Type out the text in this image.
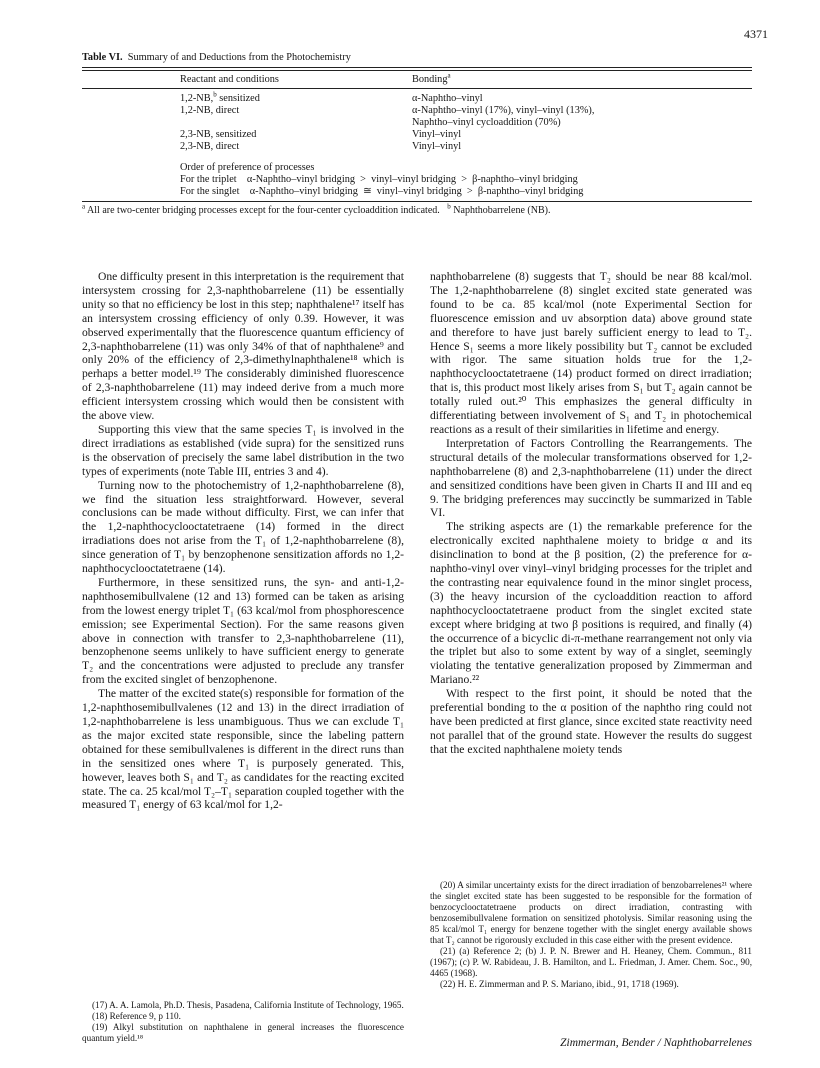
4371
Table VI. Summary of and Deductions from the Photochemistry
Reactant and conditions	Bonding$^a$
1,2-NB,$^b$ sensitized	α-Naphtho–vinyl
1,2-NB, direct	α-Naphtho–vinyl (17%), vinyl–vinyl (13%),
Naphtho–vinyl cycloaddition (70%)
2,3-NB, sensitized	Vinyl–vinyl
2,3-NB, direct	Vinyl–vinyl
Order of preference of processes
For the triplet    α-Naphtho–vinyl bridging  >  vinyl–vinyl bridging  >  β-naphtho–vinyl bridging
For the singlet    α-Naphtho–vinyl bridging  ≅  vinyl–vinyl bridging  >  β-naphtho–vinyl bridging
$^a$ All are two-center bridging processes except for the four-center cycloaddition indicated. $^b$ Naphthobarrelene (NB).

One difficulty present in this interpretation is the requirement that intersystem crossing for 2,3-naphthobarrelene (11) be essentially unity so that no efficiency be lost in this step; naphthalene¹⁷ itself has an intersystem crossing efficiency of only 0.39. However, it was observed experimentally that the fluorescence quantum efficiency of 2,3-naphthobarrelene (11) was only 34% of that of naphthalene⁹ and only 20% of the efficiency of 2,3-dimethylnaphthalene¹⁸ which is perhaps a better model.¹⁹ The considerably diminished fluorescence of 2,3-naphthobarrelene (11) may indeed derive from a much more efficient intersystem crossing which would then be consistent with the above view.

Supporting this view that the same species T₁ is involved in the direct irradiations as established (vide supra) for the sensitized runs is the observation of precisely the same label distribution in the two types of experiments (note Table III, entries 3 and 4).

Turning now to the photochemistry of 1,2-naphthobarrelene (8), we find the situation less straightforward. However, several conclusions can be made without difficulty. First, we can infer that the 1,2-naphthocyclooctatetraene (14) formed in the direct irradiations does not arise from the T₁ of 1,2-naphthobarrelene (8), since generation of T₁ by benzophenone sensitization affords no 1,2-naphthocyclooctatetraene (14).

Furthermore, in these sensitized runs, the syn- and anti-1,2-naphthosemibullvalene (12 and 13) formed can be taken as arising from the lowest energy triplet T₁ (63 kcal/mol from phosphorescence emission; see Experimental Section). For the same reasons given above in connection with transfer to 2,3-naphthobarrelene (11), benzophenone seems unlikely to have sufficient energy to generate T₂ and the concentrations were adjusted to preclude any transfer from the excited singlet of benzophenone.

The matter of the excited state(s) responsible for formation of the 1,2-naphthosemibullvalenes (12 and 13) in the direct irradiation of 1,2-naphthobarrelene is less unambiguous. Thus we can exclude T₁ as the major excited state responsible, since the labeling pattern obtained for these semibullvalenes is different in the direct runs than in the sensitized ones where T₁ is purposely generated. This, however, leaves both S₁ and T₂ as candidates for the reacting excited state. The ca. 25 kcal/mol T₂–T₁ separation coupled together with the measured T₁ energy of 63 kcal/mol for 1,2-

naphthobarrelene (8) suggests that T₂ should be near 88 kcal/mol. The 1,2-naphthobarrelene (8) singlet excited state generated was found to be ca. 85 kcal/mol (note Experimental Section for fluorescence emission and uv absorption data) above ground state and therefore to have just barely sufficient energy to lead to T₂. Hence S₁ seems a more likely possibility but T₂ cannot be excluded with rigor. The same situation holds true for the 1,2-naphthocyclooctatetraene (14) product formed on direct irradiation; that is, this product most likely arises from S₁ but T₂ again cannot be totally ruled out.²⁰ This emphasizes the general difficulty in differentiating between involvement of S₁ and T₂ in photochemical reactions as a result of their similarities in lifetime and energy.

Interpretation of Factors Controlling the Rearrangements. The structural details of the molecular transformations observed for 1,2-naphthobarrelene (8) and 2,3-naphthobarrelene (11) under the direct and sensitized conditions have been given in Charts II and III and eq 9. The bridging preferences may succinctly be summarized in Table VI.

The striking aspects are (1) the remarkable preference for the electronically excited naphthalene moiety to bridge α and its disinclination to bond at the β position, (2) the preference for α-naphtho-vinyl over vinyl–vinyl bridging processes for the triplet and the contrasting near equivalence found in the minor singlet process, (3) the heavy incursion of the cycloaddition reaction to afford naphthocyclooctatetraene product from the singlet excited state except where bridging at two β positions is required, and finally (4) the occurrence of a bicyclic di-π-methane rearrangement not only via the triplet but also to some extent by way of a singlet, seemingly violating the tentative generalization proposed by Zimmerman and Mariano.²²

With respect to the first point, it should be noted that the preferential bonding to the α position of the naphtho ring could not have been predicted at first glance, since excited state reactivity need not parallel that of the ground state. However the results do suggest that the excited naphthalene moiety tends

(17) A. A. Lamola, Ph.D. Thesis, Pasadena, California Institute of Technology, 1965.

(18) Reference 9, p 110.

(19) Alkyl substitution on naphthalene in general increases the fluorescence quantum yield.¹⁸

(20) A similar uncertainty exists for the direct irradiation of benzobarrelenes²¹ where the singlet excited state has been suggested to be responsible for the formation of benzocyclooctatetraene products on direct irradiation, contrasting with benzosemibullvalene formation on sensitized photolysis. Similar reasoning using the 85 kcal/mol T₁ energy for benzene together with the singlet energy available shows that T₂ cannot be rigorously excluded in this case either with the present evidence.

(21) (a) Reference 2; (b) J. P. N. Brewer and H. Heaney, Chem. Commun., 811 (1967); (c) P. W. Rabideau, J. B. Hamilton, and L. Friedman, J. Amer. Chem. Soc., 90, 4465 (1968).

(22) H. E. Zimmerman and P. S. Mariano, ibid., 91, 1718 (1969).

Zimmerman, Bender / Naphthobarrelenes
